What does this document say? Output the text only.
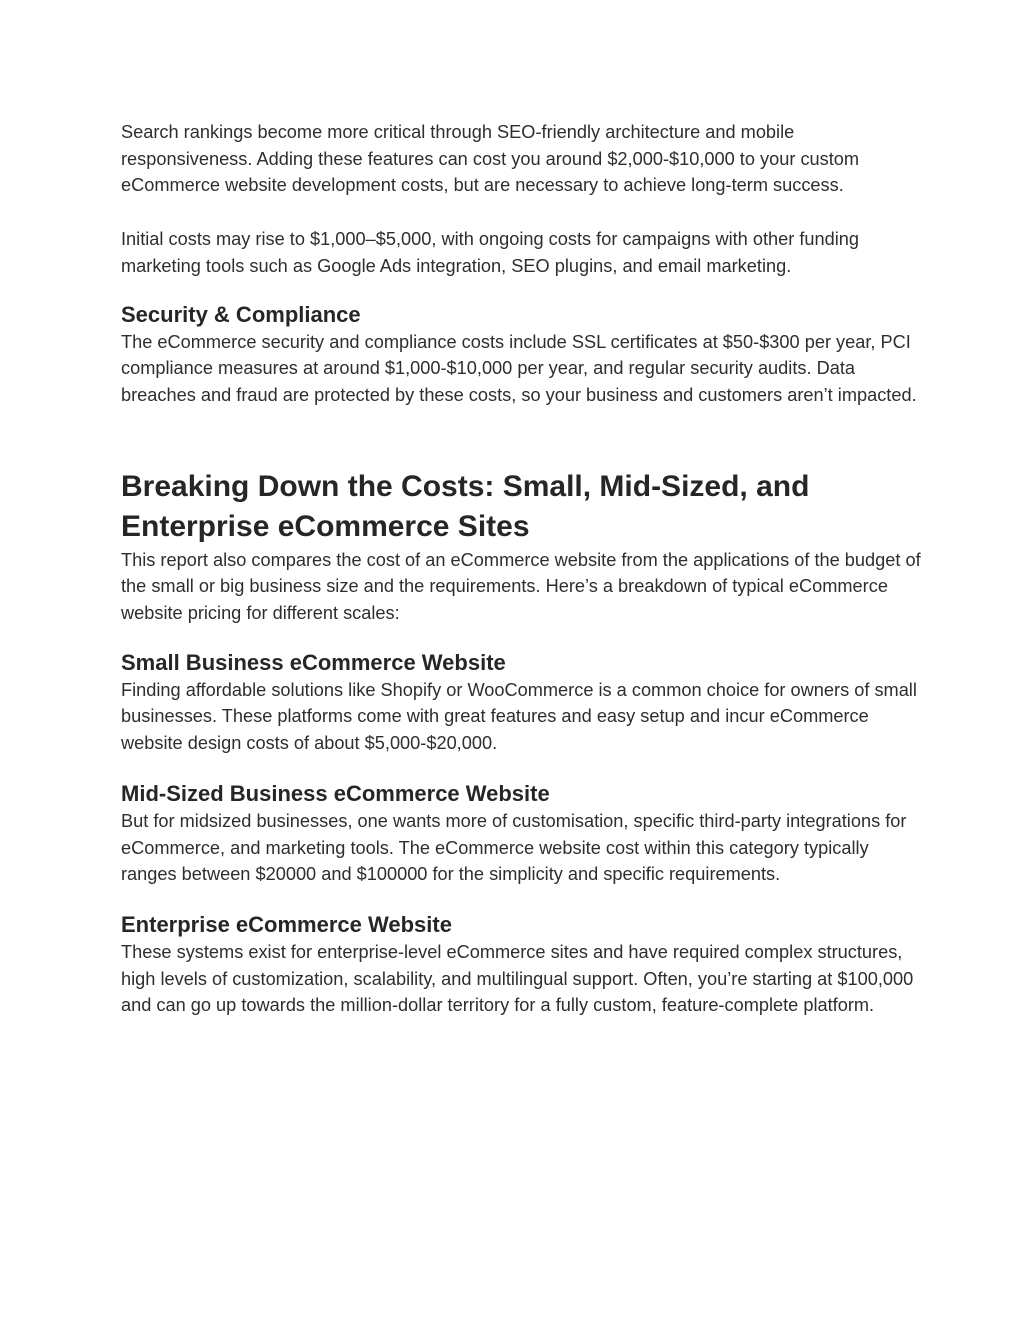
Search rankings become more critical through SEO-friendly architecture and mobile responsiveness. Adding these features can cost you around $2,000-$10,000 to your custom eCommerce website development costs, but are necessary to achieve long-term success.

Initial costs may rise to $1,000–$5,000, with ongoing costs for campaigns with other funding marketing tools such as Google Ads integration, SEO plugins, and email marketing.

Security & Compliance

The eCommerce security and compliance costs include SSL certificates at $50-$300 per year, PCI compliance measures at around $1,000-$10,000 per year, and regular security audits. Data breaches and fraud are protected by these costs, so your business and customers aren’t impacted.

Breaking Down the Costs: Small, Mid-Sized, and Enterprise eCommerce Sites

This report also compares the cost of an eCommerce website from the applications of the budget of the small or big business size and the requirements. Here’s a breakdown of typical eCommerce website pricing for different scales:

Small Business eCommerce Website

Finding affordable solutions like Shopify or WooCommerce is a common choice for owners of small businesses. These platforms come with great features and easy setup and incur eCommerce website design costs of about $5,000-$20,000.

Mid-Sized Business eCommerce Website

But for midsized businesses, one wants more of customisation, specific third-party integrations for eCommerce, and marketing tools. The eCommerce website cost within this category typically ranges between $20000 and $100000 for the simplicity and specific requirements.

Enterprise eCommerce Website

These systems exist for enterprise-level eCommerce sites and have required complex structures, high levels of customization, scalability, and multilingual support. Often, you’re starting at $100,000 and can go up towards the million-dollar territory for a fully custom, feature-complete platform.
